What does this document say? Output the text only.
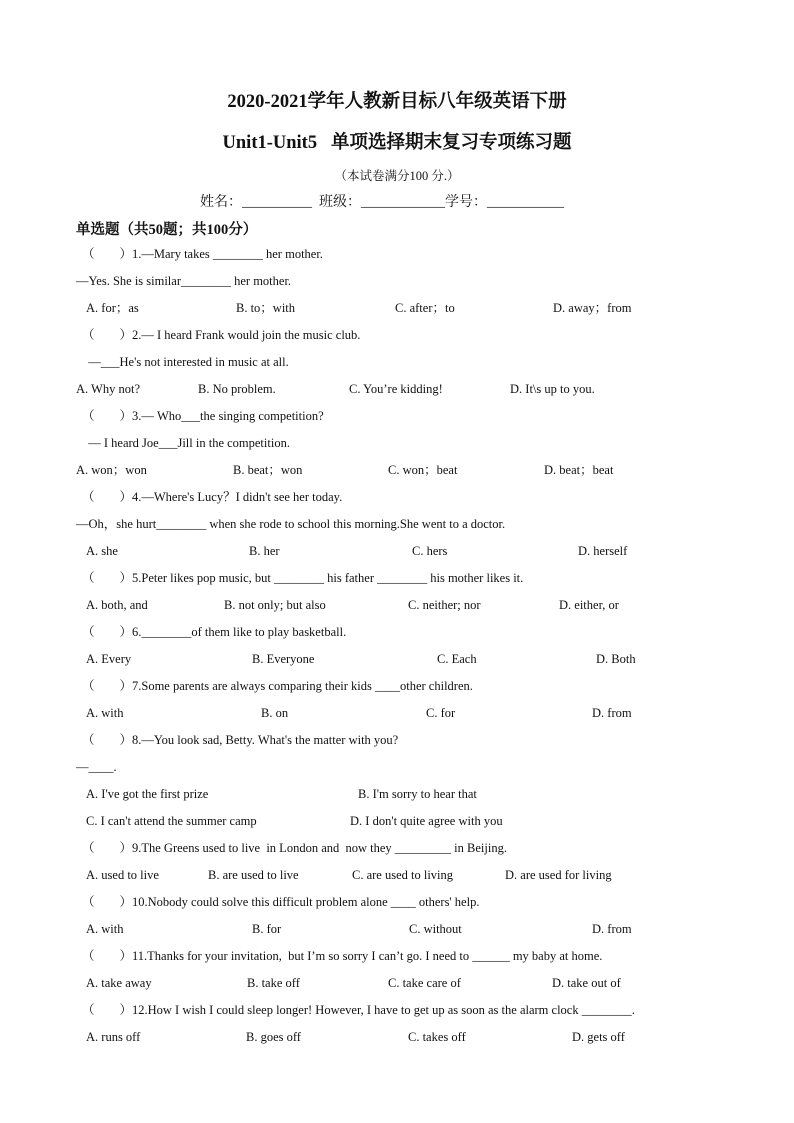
2020-2021学年人教新目标八年级英语下册
Unit1-Unit5   单项选择期末复习专项练习题
（本试卷满分100 分.）
姓名：__________  班级：____________学号：___________
单选题（共50题；共100分）
（        ）1.—Mary takes ________ her mother.
—Yes. She is similar________ her mother.
A. for；as	B. to；with	C. after；to	D. away；from
（        ）2.— I heard Frank would join the music club.
—___He's not interested in music at all.
A. Why not?	B. No problem.	C. You’re kidding!	D. It\s up to you.
（        ）3.— Who___the singing competition?
— I heard Joe___Jill in the competition.
A. won；won	B. beat；won	C. won；beat	D. beat；beat
（        ）4.—Where's Lucy？I didn't see her today.
—Oh，she hurt________ when she rode to school this morning.She went to a doctor.
A. she	B. her	C. hers	D. herself
（        ）5.Peter likes pop music, but ________ his father ________ his mother likes it.
A. both, and	B. not only; but also	C. neither; nor	D. either, or
（        ）6.________of them like to play basketball.
A. Every	B. Everyone	C. Each	D. Both
（        ）7.Some parents are always comparing their kids ____other children.
A. with	B. on	C. for	D. from
（        ）8.—You look sad, Betty. What's the matter with you?
—____.
A. I've got the first prize	B. I'm sorry to hear that
C. I can't attend the summer camp	D. I don't quite agree with you
（        ）9.The Greens used to live  in London and  now they _________ in Beijing.
A. used to live	B. are used to live	C. are used to living	D. are used for living
（        ）10.Nobody could solve this difficult problem alone ____ others' help.
A. with	B. for	C. without	D. from
（        ）11.Thanks for your invitation,  but I’m so sorry I can’t go. I need to ______ my baby at home.
A. take away	B. take off	C. take care of	D. take out of
（        ）12.How I wish I could sleep longer! However, I have to get up as soon as the alarm clock ________.
A. runs off	B. goes off	C. takes off	D. gets off
